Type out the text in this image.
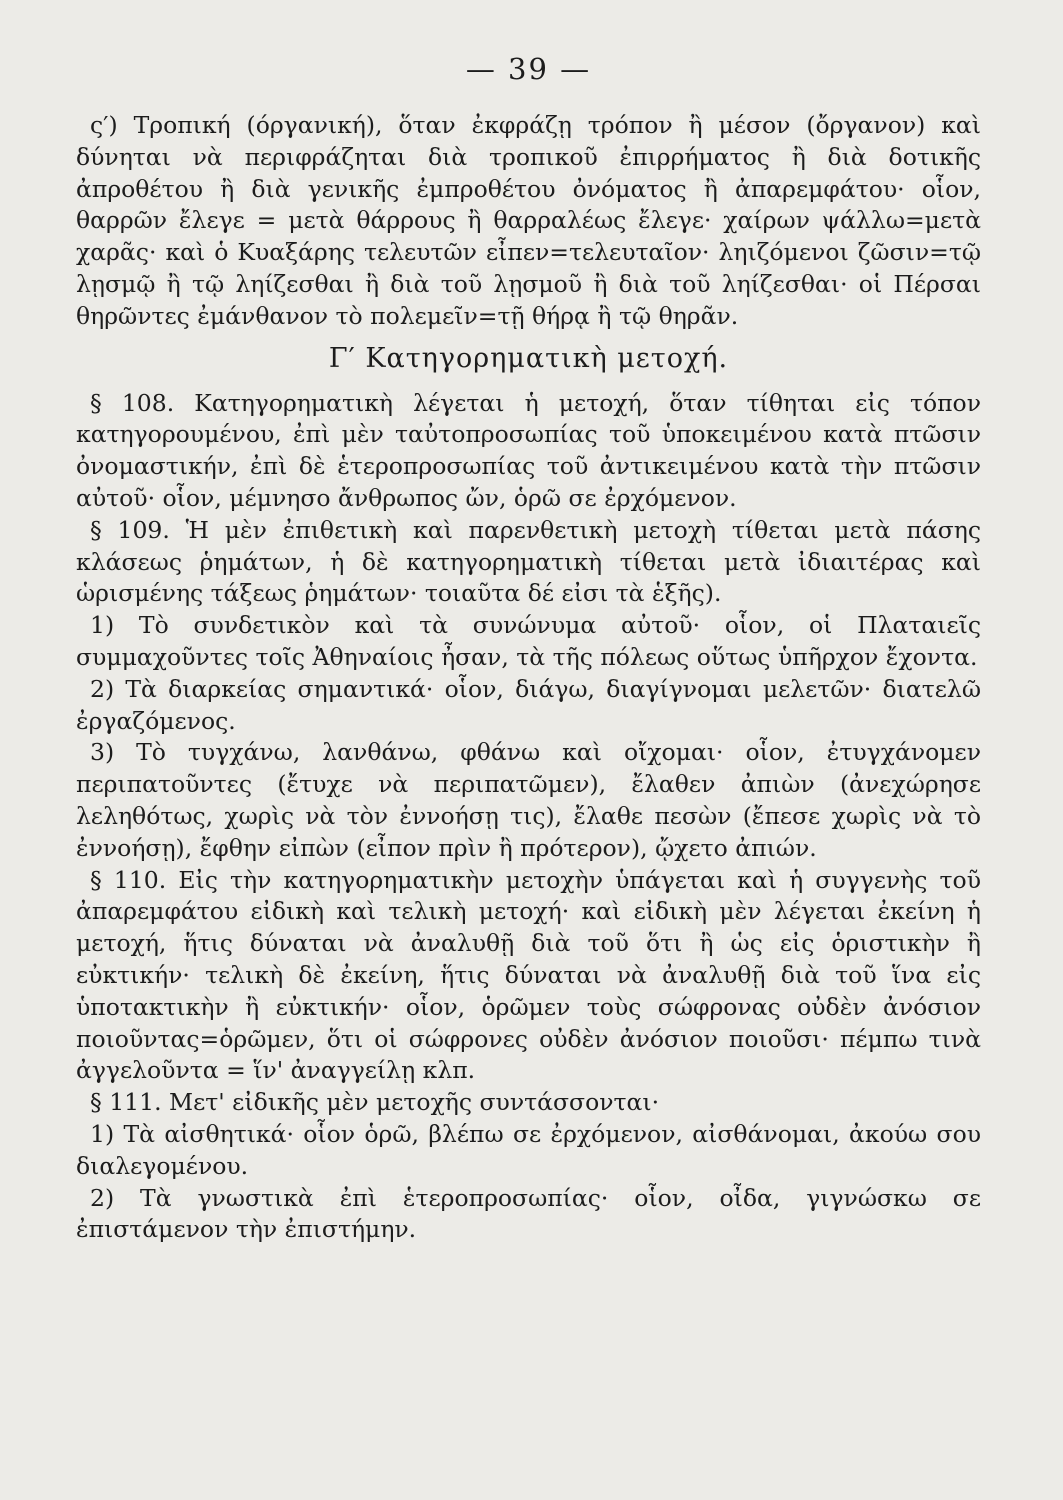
— 39 —

ς′) Τροπική (όργανική), ὅταν ἐκφράζῃ τρόπον ἢ μέσον (ὄργανον) καὶ δύνηται νὰ περιφράζηται διὰ τροπικοῦ ἐπιρρήματος ἢ διὰ δοτικῆς ἀπροθέτου ἢ διὰ γενικῆς ἐμπροθέτου ὀνόματος ἢ ἀπαρεμφάτου· οἷον, θαρρῶν ἔλεγε = μετὰ θάρρους ἢ θαρραλέως ἔλεγε· χαίρων ψάλλω=μετὰ χαρᾶς· καὶ ὁ Κυαξάρης τελευτῶν εἶπεν=τελευταῖον· ληιζόμενοι ζῶσιν=τῷ λῃσμῷ ἢ τῷ ληίζεσθαι ἢ διὰ τοῦ λῃσμοῦ ἢ διὰ τοῦ ληίζεσθαι· οἱ Πέρσαι θηρῶντες ἐμάνθανον τὸ πολεμεῖν=τῇ θήρᾳ ἢ τῷ θηρᾶν.

Γ′ Κατηγορηματικὴ μετοχή.

§ 108. Κατηγορηματικὴ λέγεται ἡ μετοχή, ὅταν τίθηται εἰς τόπον κατηγορουμένου, ἐπὶ μὲν ταὐτοπροσωπίας τοῦ ὑποκειμένου κατὰ πτῶσιν ὀνομαστικήν, ἐπὶ δὲ ἑτεροπροσωπίας τοῦ ἀντικειμένου κατὰ τὴν πτῶσιν αὐτοῦ· οἷον, μέμνησο ἄνθρωπος ὤν, ὁρῶ σε ἐρχόμενον.

§ 109. Ἡ μὲν ἐπιθετικὴ καὶ παρενθετικὴ μετοχὴ τίθεται μετὰ πάσης κλάσεως ῥημάτων, ἡ δὲ κατηγορηματικὴ τίθεται μετὰ ἰδιαιτέρας καὶ ὡρισμένης τάξεως ῥημάτων· τοιαῦτα δέ εἰσι τὰ ἑξῆς).

1) Τὸ συνδετικὸν καὶ τὰ συνώνυμα αὐτοῦ· οἷον, οἱ Πλαταιεῖς συμμαχοῦντες τοῖς Ἀθηναίοις ἦσαν, τὰ τῆς πόλεως οὕτως ὑπῆρχον ἔχοντα.

2) Τὰ διαρκείας σημαντικά· οἷον, διάγω, διαγίγνομαι μελετῶν· διατελῶ ἐργαζόμενος.

3) Τὸ τυγχάνω, λανθάνω, φθάνω καὶ οἴχομαι· οἷον, ἐτυγχάνομεν περιπατοῦντες (ἔτυχε νὰ περιπατῶμεν), ἔλαθεν ἀπιὼν (ἀνεχώρησε λεληθότως, χωρὶς νὰ τὸν ἐννοήσῃ τις), ἔλαθε πεσὼν (ἔπεσε χωρὶς νὰ τὸ ἐννοήσῃ), ἔφθην εἰπὼν (εἶπον πρὶν ἢ πρότερον), ᾤχετο ἀπιών.

§ 110. Εἰς τὴν κατηγορηματικὴν μετοχὴν ὑπάγεται καὶ ἡ συγγενὴς τοῦ ἀπαρεμφάτου εἰδικὴ καὶ τελικὴ μετοχή· καὶ εἰδικὴ μὲν λέγεται ἐκείνη ἡ μετοχή, ἥτις δύναται νὰ ἀναλυθῇ διὰ τοῦ ὅτι ἢ ὡς εἰς ὁριστικὴν ἢ εὐκτικήν· τελικὴ δὲ ἐκείνη, ἥτις δύναται νὰ ἀναλυθῇ διὰ τοῦ ἵνα εἰς ὑποτακτικὴν ἢ εὐκτικήν· οἷον, ὁρῶμεν τοὺς σώφρονας οὐδὲν ἀνόσιον ποιοῦντας=ὁρῶμεν, ὅτι οἱ σώφρονες οὐδὲν ἀνόσιον ποιοῦσι· πέμπω τινὰ ἀγγελοῦντα = ἵν' ἀναγγείλῃ κλπ.

§ 111. Μετ' εἰδικῆς μὲν μετοχῆς συντάσσονται·

1) Τὰ αἰσθητικά· οἷον ὁρῶ, βλέπω σε ἐρχόμενον, αἰσθάνομαι, ἀκούω σου διαλεγομένου.

2) Τὰ γνωστικὰ ἐπὶ ἑτεροπροσωπίας· οἷον, οἶδα, γιγνώσκω σε ἐπιστάμενον τὴν ἐπιστήμην.
